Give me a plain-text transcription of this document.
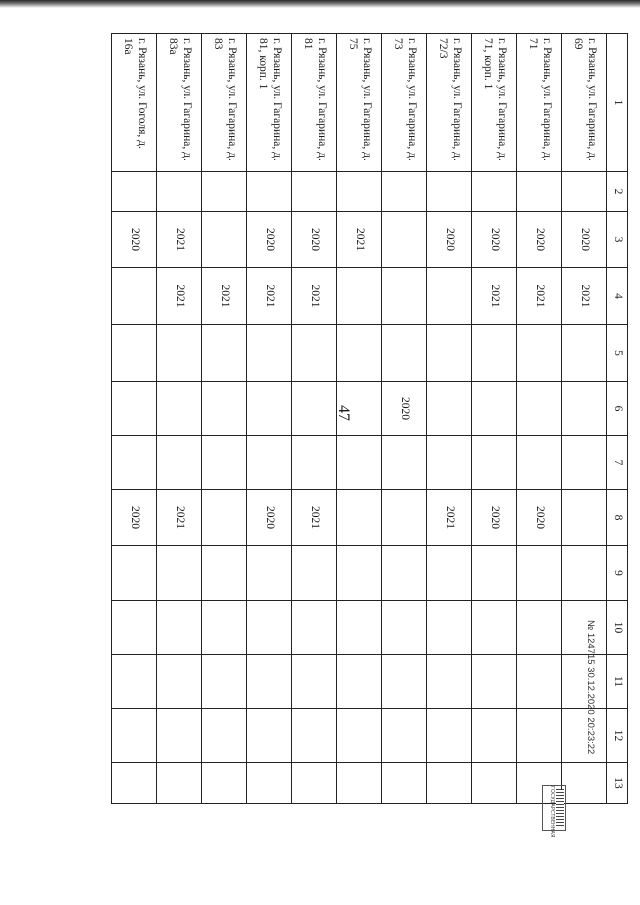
47
1	2	3	4	5	6	7	8	9	10	11	12	13
г. Рязань, ул. Гагарина, д. 69		2020	2021									
г. Рязань, ул. Гагарина, д. 71		2020	2021				2020					
г. Рязань, ул. Гагарина, д. 71, корп. 1		2020	2021				2020					
г. Рязань, ул. Гагарина, д. 72/3		2020					2021					
г. Рязань, ул. Гагарина, д. 73					2020							
г. Рязань, ул. Гагарина, д. 75		2021										
г. Рязань, ул. Гагарина, д. 81		2020	2021				2021					
г. Рязань, ул. Гагарина, д. 81, корп. 1		2020	2021				2020					
г. Рязань, ул. Гагарина, д. 83			2021									
г. Рязань, ул. Гагарина, д. 83а		2021	2021				2021					
г. Рязань, ул. Гоголя, д. 16а		2020					2020					
ГОСУДАРСТВЕННАЯ
№ 124715 30.12.2020 20:23:22
